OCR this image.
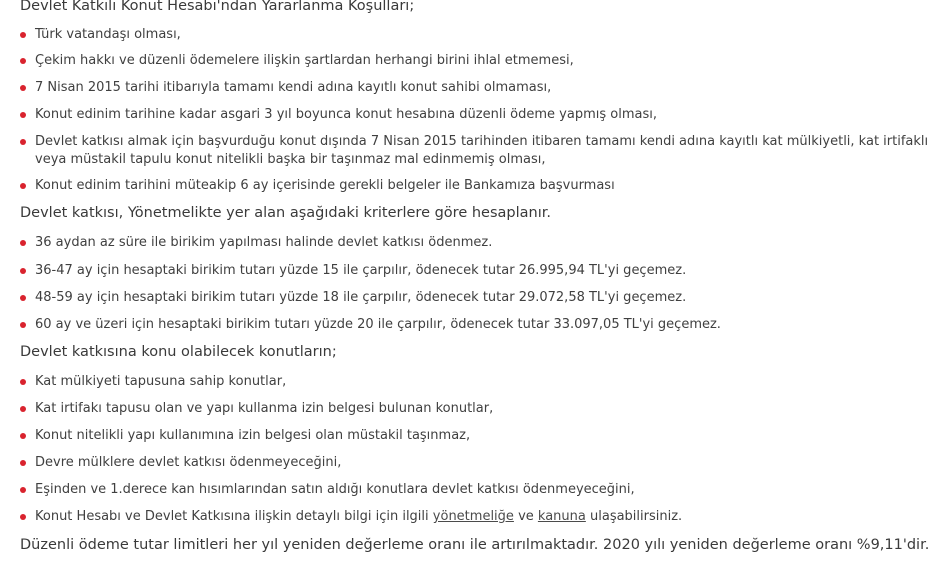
Devlet Katkılı Konut Hesabı'ndan Yararlanma Koşulları;
Türk vatandaşı olması,
Çekim hakkı ve düzenli ödemelere ilişkin şartlardan herhangi birini ihlal etmemesi,
7 Nisan 2015 tarihi itibarıyla tamamı kendi adına kayıtlı konut sahibi olmaması,
Konut edinim tarihine kadar asgari 3 yıl boyunca konut hesabına düzenli ödeme yapmış olması,
Devlet katkısı almak için başvurduğu konut dışında 7 Nisan 2015 tarihinden itibaren tamamı kendi adına kayıtlı kat mülkiyetli, kat irtifaklı veya müstakil tapulu konut nitelikli başka bir taşınmaz mal edinmemiş olması,
Konut edinim tarihini müteakip 6 ay içerisinde gerekli belgeler ile Bankamıza başvurması
Devlet katkısı, Yönetmelikte yer alan aşağıdaki kriterlere göre hesaplanır.
36 aydan az süre ile birikim yapılması halinde devlet katkısı ödenmez.
36-47 ay için hesaptaki birikim tutarı yüzde 15 ile çarpılır, ödenecek tutar 26.995,94 TL'yi geçemez.
48-59 ay için hesaptaki birikim tutarı yüzde 18 ile çarpılır, ödenecek tutar 29.072,58 TL'yi geçemez.
60 ay ve üzeri için hesaptaki birikim tutarı yüzde 20 ile çarpılır, ödenecek tutar 33.097,05 TL'yi geçemez.
Devlet katkısına konu olabilecek konutların;
Kat mülkiyeti tapusuna sahip konutlar,
Kat irtifakı tapusu olan ve yapı kullanma izin belgesi bulunan konutlar,
Konut nitelikli yapı kullanımına izin belgesi olan müstakil taşınmaz,
Devre mülklere devlet katkısı ödenmeyeceğini,
Eşinden ve 1.derece kan hısımlarından satın aldığı konutlara devlet katkısı ödenmeyeceğini,
Konut Hesabı ve Devlet Katkısına ilişkin detaylı bilgi için ilgili yönetmeliğe ve kanuna ulaşabilirsiniz.
Düzenli ödeme tutar limitleri her yıl yeniden değerleme oranı ile artırılmaktadır. 2020 yılı yeniden değerleme oranı %9,11'dir.
